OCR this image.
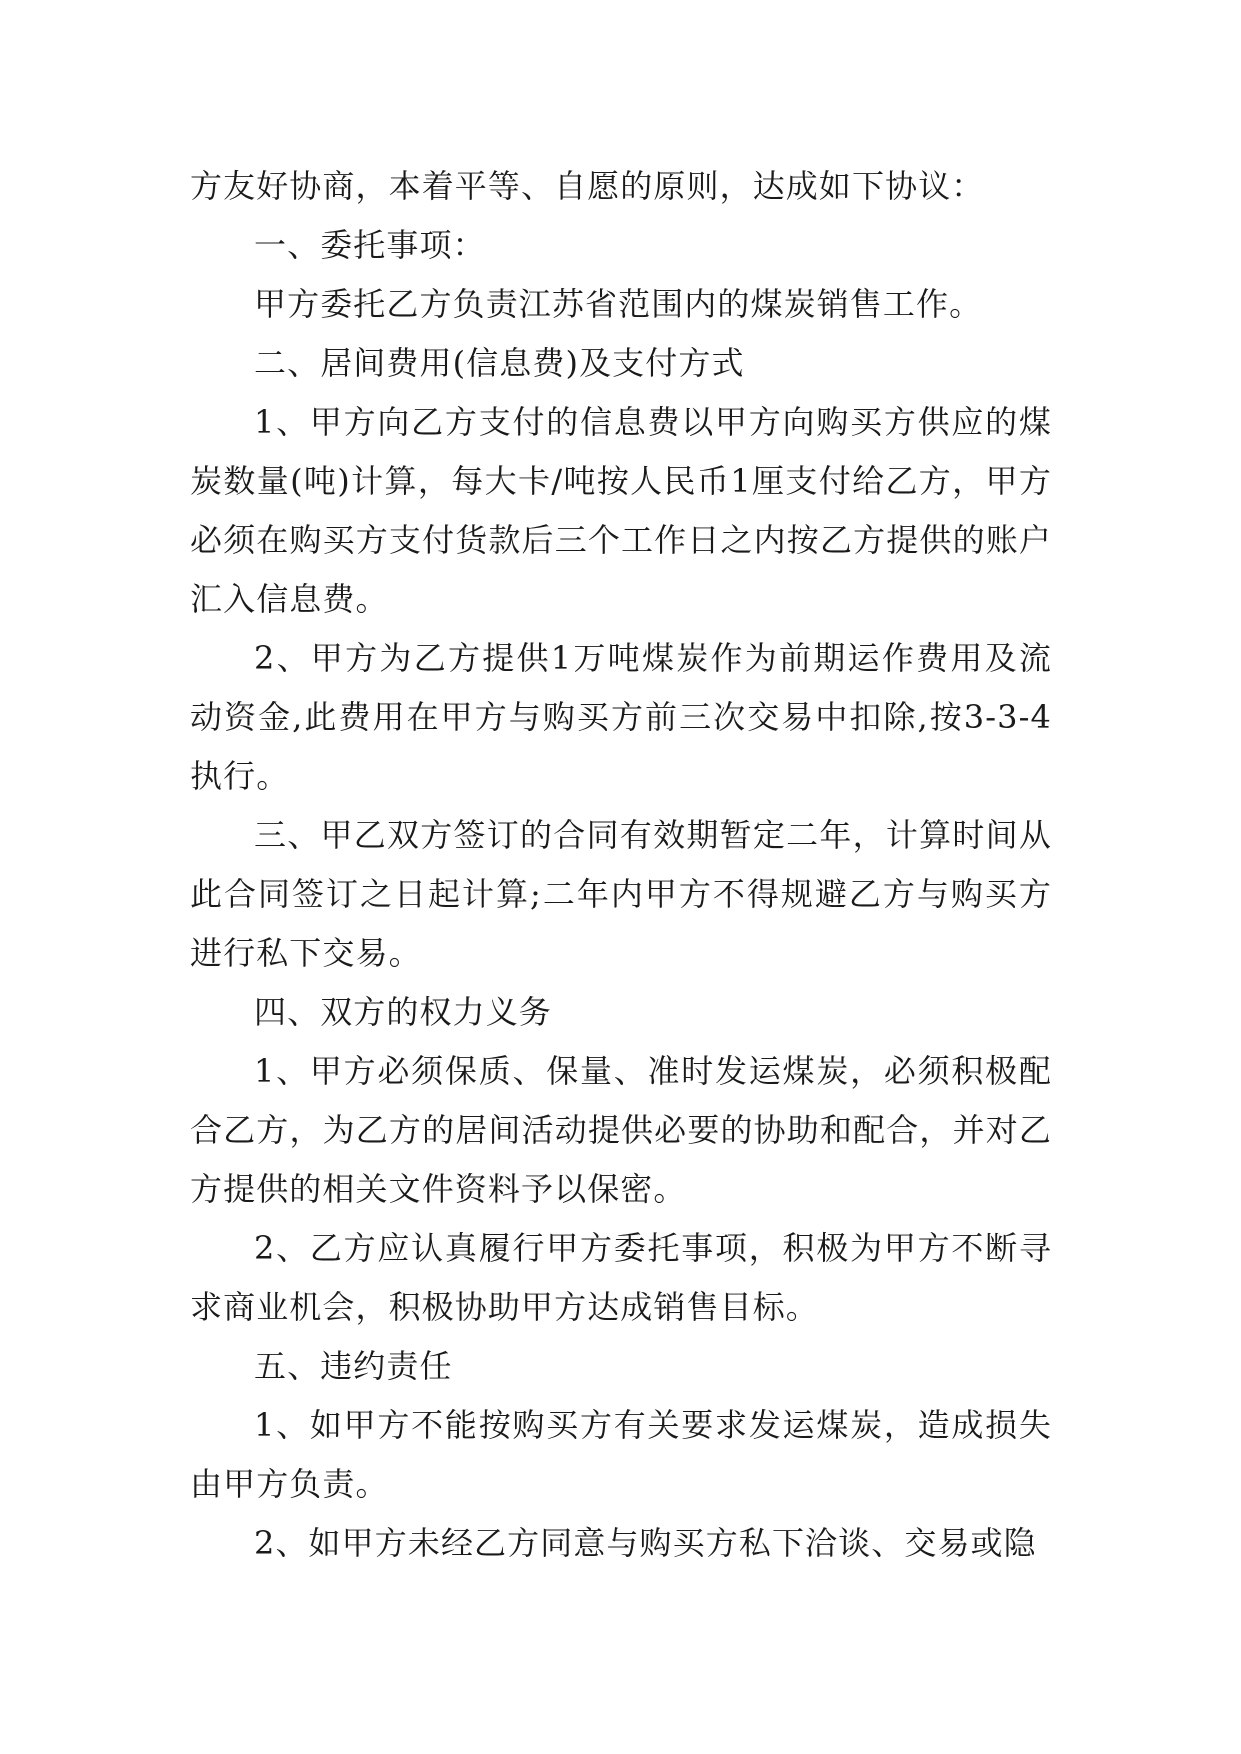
方友好协商，本着平等、自愿的原则，达成如下协议：

一、委托事项：

甲方委托乙方负责江苏省范围内的煤炭销售工作。

二、居间费用(信息费)及支付方式

1、甲方向乙方支付的信息费以甲方向购买方供应的煤炭数量(吨)计算，每大卡/吨按人民币1厘支付给乙方，甲方必须在购买方支付货款后三个工作日之内按乙方提供的账户汇入信息费。

2、甲方为乙方提供1万吨煤炭作为前期运作费用及流动资金,此费用在甲方与购买方前三次交易中扣除,按3-3-4执行。

三、甲乙双方签订的合同有效期暂定二年，计算时间从此合同签订之日起计算;二年内甲方不得规避乙方与购买方进行私下交易。

四、双方的权力义务

1、甲方必须保质、保量、准时发运煤炭，必须积极配合乙方，为乙方的居间活动提供必要的协助和配合，并对乙方提供的相关文件资料予以保密。

2、乙方应认真履行甲方委托事项，积极为甲方不断寻求商业机会，积极协助甲方达成销售目标。

五、违约责任

1、如甲方不能按购买方有关要求发运煤炭，造成损失由甲方负责。

2、如甲方未经乙方同意与购买方私下洽谈、交易或隐
